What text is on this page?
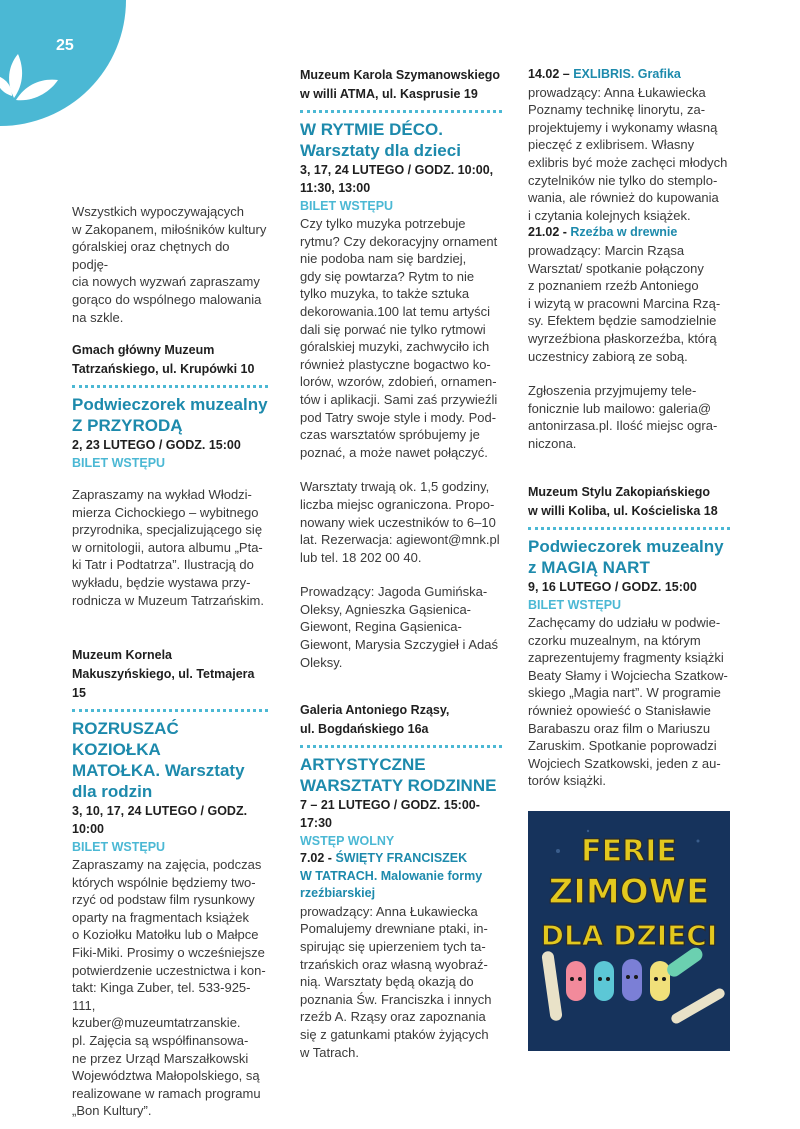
25

Wszystkich wypoczywających

w Zakopanem, miłośników kultury

góralskiej oraz chętnych do podję-

cia nowych wyzwań zapraszamy

gorąco do wspólnego malowania

na szkle.

Gmach główny Muzeum
Tatrzańskiego, ul. Krupówki 10
Podwieczorek muzealny
Z PRZYRODĄ
2, 23 LUTEGO / GODZ. 15:00
BILET WSTĘPU

Zapraszamy na wykład Włodzi-

mierza Cichockiego – wybitnego

przyrodnika, specjalizującego się

w ornitologii, autora albumu „Ptа-

ki Tatr i Podtatrza”. Ilustracją do

wykładu, będzie wystawa przy-

rodnicza w Muzeum Tatrzańskim.

Muzeum Kornela
Makuszyńskiego, ul. Tetmajera 15
ROZRUSZAĆ KOZIOŁKA
MATOŁKA. Warsztaty
dla rodzin
3, 10, 17, 24 LUTEGO / GODZ.
10:00
BILET WSTĘPU

Zapraszamy na zajęcia, podczas

których wspólnie będziemy two-

rzyć od podstaw film rysunkowy

oparty na fragmentach książek

o Koziołku Matołku lub o Małpce

Fiki-Miki. Prosimy o wcześniejsze

potwierdzenie uczestnictwa i kon-

takt: Kinga Zuber, tel. 533-925-111,

kzuber@muzeumtatrzanskie.

pl. Zajęcia są współfinansowa-

ne przez Urząd Marszałkowski

Województwa Małopolskiego, są

realizowane w ramach programu

„Bon Kultury”.

Muzeum Karola Szymanowskiego
w willi ATMA, ul. Kasprusie 19
W RYTMIE DÉCO.
Warsztaty dla dzieci
3, 17, 24 LUTEGO / GODZ. 10:00,
11:30, 13:00
BILET WSTĘPU

Czy tylko muzyka potrzebuje

rytmu? Czy dekoracyjny ornament

nie podoba nam się bardziej,

gdy się powtarza? Rytm to nie

tylko muzyka, to także sztuka

dekorowania.100 lat temu artyści

dali się porwać nie tylko rytmowi

góralskiej muzyki, zachwyciło ich

również plastyczne bogactwo ko-

lorów, wzorów, zdobień, ornamen-

tów i aplikacji. Sami zaś przywieźli

pod Tatry swoje style i mody. Pod-

czas warsztatów spróbujemy je

poznać, a może nawet połączyć.

Warsztaty trwają ok. 1,5 godziny,

liczba miejsc ograniczona. Propo-

nowany wiek uczestników to 6–10

lat. Rezerwacja: agiewont@mnk.pl

lub tel. 18 202 00 40.

Prowadzący: Jagoda Gumińska-

Oleksy, Agnieszka Gąsienica-

Giewont, Regina Gąsienica-

Giewont, Marysia Szczygieł i Adaś

Oleksy.

Galeria Antoniego Rząsy,
ul. Bogdańskiego 16a
ARTYSTYCZNE
WARSZTATY RODZINNE
7 – 21 LUTEGO / GODZ. 15:00-
17:30
WSTĘP WOLNY
7.02 - ŚWIĘTY FRANCISZEK
W TATRACH. Malowanie formy
rzeźbiarskiej

prowadzący: Anna Łukawiecka

Pomalujemy drewniane ptaki, in-

spirując się upierzeniem tych ta-

trzańskich oraz własną wyobraź-

nią. Warsztaty będą okazją do

poznania Św. Franciszka i innych

rzeźb A. Rząsy oraz zapoznania

się z gatunkami ptaków żyjących

w Tatrach.

14.02 – EXLIBRIS. Grafika

prowadzący: Anna Łukawiecka

Poznamy technikę linorytu, za-

projektujemy i wykonamy własną

pieczęć z exlibrisem. Własny

exlibris być może zachęci młodych

czytelników nie tylko do stemplo-

wania, ale również do kupowania

i czytania kolejnych książek.

21.02 - Rzeźba w drewnie

prowadzący: Marcin Rząsa

Warsztat/ spotkanie połączony

z poznaniem rzeźb Antoniego

i wizytą w pracowni Marcina Rzą-

sy. Efektem będzie samodzielnie

wyrzeźbiona płaskorzeźba, którą

uczestnicy zabiorą ze sobą.

Zgłoszenia przyjmujemy tele-

fonicznie lub mailowo: galeria@

antonirzasa.pl. Ilość miejsc ogra-

niczona.

Muzeum Stylu Zakopiańskiego
w willi Koliba, ul. Kościeliska 18
Podwieczorek muzealny
z MAGIĄ NART
9, 16 LUTEGO / GODZ. 15:00
BILET WSTĘPU

Zachęcamy do udziału w podwie-

czorku muzealnym, na którym

zaprezentujemy fragmenty książki

Beaty Słamy i Wojciecha Szatkow-

skiego „Magia nart”. W programie

również opowieść o Stanisławie

Barabaszu oraz film o Mariuszu

Zaruskim. Spotkanie poprowadzi

Wojciech Szatkowski, jeden z au-

torów książki.

FERIE
ZIMOWE
DLA DZIECI
